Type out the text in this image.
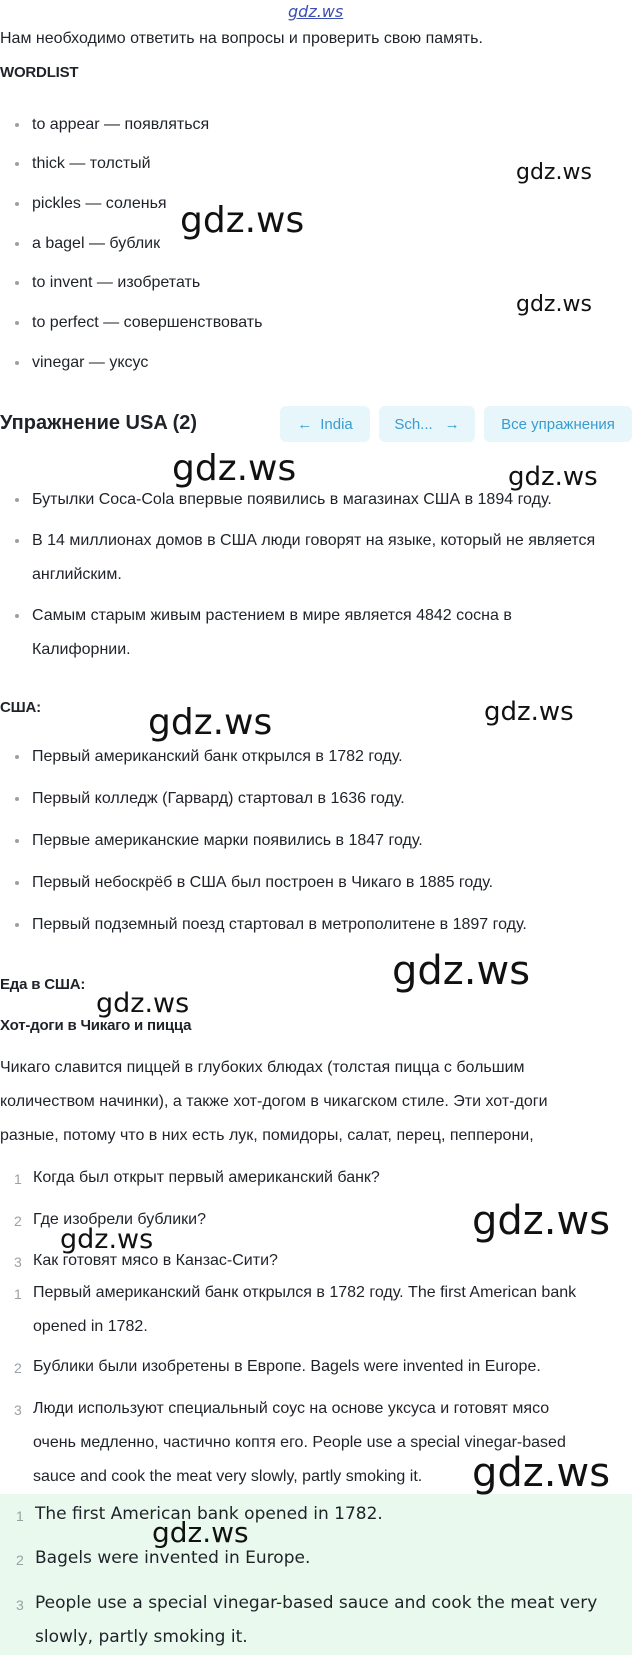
gdz.ws
Нам необходимо ответить на вопросы и проверить свою память.
WORDLIST
to appear — появляться
thick — толстый
pickles — соленья
a bagel — бублик
to invent — изобретать
to perfect — совершенствовать
vinegar — уксус
Упражнение USA (2)	← India	Sch... →	Все упражнения
Бутылки Coca-Cola впервые появились в магазинах США в 1894 году.
В 14 миллионах домов в США люди говорят на языке, который не является
английским.
Самым старым живым растением в мире является 4842 сосна в
Калифорнии.
США:
Первый американский банк открылся в 1782 году.
Первый колледж (Гарвард) стартовал в 1636 году.
Первые американские марки появились в 1847 году.
Первый небоскрёб в США был построен в Чикаго в 1885 году.
Первый подземный поезд стартовал в метрополитене в 1897 году.
Еда в США:
Хот-доги в Чикаго и пицца
Чикаго славится пиццей в глубоких блюдах (толстая пицца с большим
количеством начинки), а также хот-догом в чикагском стиле. Эти хот-доги
разные, потому что в них есть лук, помидоры, салат, перец, пепперони,
1 Когда был открыт первый американский банк?
2 Где изобрели бублики?
3 Как готовят мясо в Канзас-Сити?
1 Первый американский банк открылся в 1782 году. The first American bank
opened in 1782.
2 Бублики были изобретены в Европе. Bagels were invented in Europe.
3 Люди используют специальный соус на основе уксуса и готовят мясо
очень медленно, частично коптя его. People use a special vinegar-based
sauce and cook the meat very slowly, partly smoking it.
1 The first American bank opened in 1782.
2 Bagels were invented in Europe.
3 People use a special vinegar-based sauce and cook the meat very
slowly, partly smoking it.
gdz.ws
gdz.ws
gdz.ws
gdz.ws	gdz.ws
gdz.ws
gdz.ws
gdz.ws
gdz.ws
gdz.ws
gdz.ws
gdz.ws
gdz.ws
